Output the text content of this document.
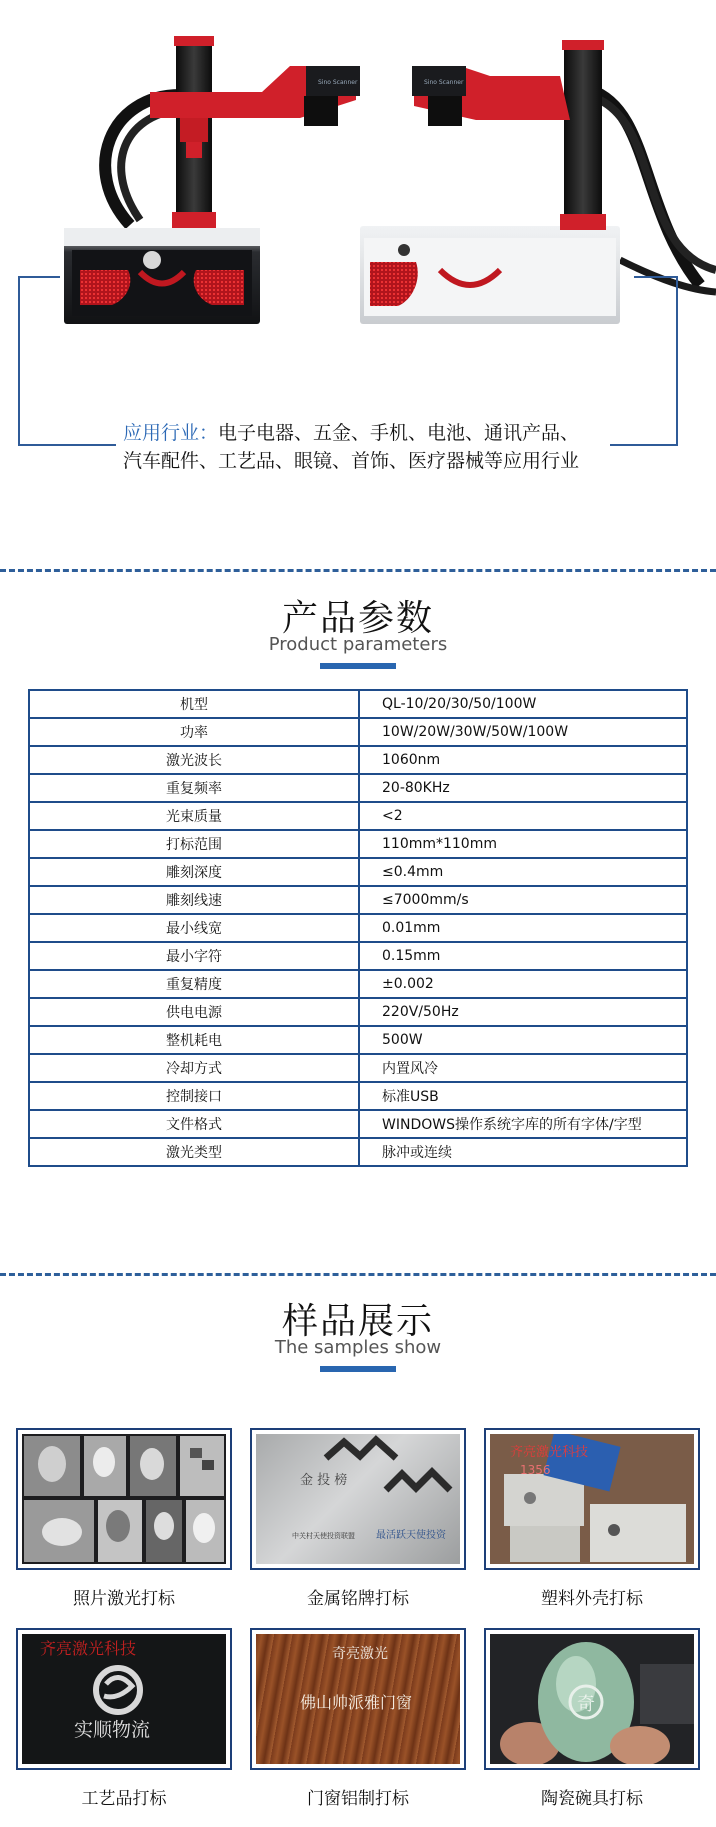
Sino Scanner	Sino Scanner
应用行业：电子电器、五金、手机、电池、通讯产品、
汽车配件、工艺品、眼镜、首饰、医疗器械等应用行业
产品参数
Product parameters
机型	QL-10/20/30/50/100W
功率	10W/20W/30W/50W/100W
激光波长	1060nm
重复频率	20-80KHz
光束质量	<2
打标范围	110mm*110mm
雕刻深度	≤0.4mm
雕刻线速	≤7000mm/s
最小线宽	0.01mm
最小字符	0.15mm
重复精度	±0.002
供电电源	220V/50Hz
整机耗电	500W
冷却方式	内置风冷
控制接口	标准USB
文件格式	WINDOWS操作系统字库的所有字体/字型
激光类型	脉冲或连续
样品展示
The samples show
照片激光打标
金 投 榜
中关村天使投资联盟 最活跃天使投资
金属铭牌打标
齐亮激光科技
1356
塑料外壳打标
齐亮激光科技
实顺物流
工艺品打标
奇亮激光
佛山帅派雅门窗
门窗铝制打标
奇
陶瓷碗具打标
